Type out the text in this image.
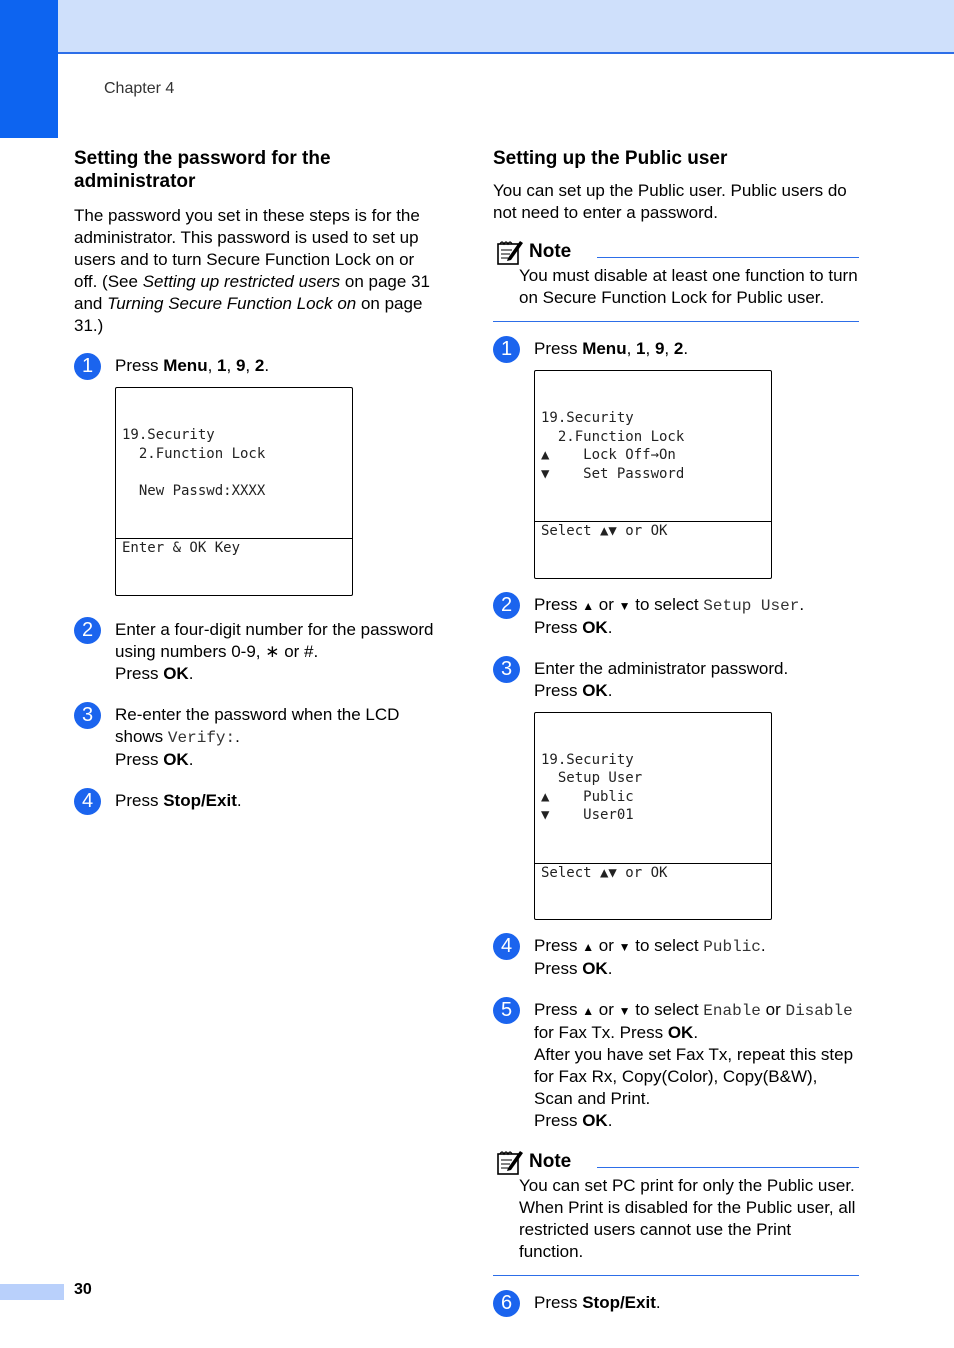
Chapter 4
Setting the password for the administrator

The password you set in these steps is for the administrator. This password is used to set up users and to turn Secure Function Lock on or off. (See Setting up restricted users on page 31 and Turning Secure Function Lock on on page 31.)

1	Press Menu, 1, 9, 2.

19.Security
2.Function Lock

New Passwd:XXXX

Enter & OK Key

2	Enter a four-digit number for the password using numbers 0-9, ∗ or #.
Press OK.
3	Re-enter the password when the LCD shows Verify:.
Press OK.
4	Press Stop/Exit.
Setting up the Public user

You can set up the Public user. Public users do not need to enter a password.

Note
You must disable at least one function to turn on Secure Function Lock for Public user.
1	Press Menu, 1, 9, 2.

19.Security
2.Function Lock
▲    Lock Off→On
▼    Set Password

Select ▲▼ or OK

2	Press ▲ or ▼ to select Setup User.
Press OK.
3	Enter the administrator password.
Press OK.

19.Security
Setup User
▲    Public
▼    User01

Select ▲▼ or OK

4	Press ▲ or ▼ to select Public.
Press OK.
5	Press ▲ or ▼ to select Enable or Disable for Fax Tx. Press OK.
After you have set Fax Tx, repeat this step for Fax Rx, Copy(Color), Copy(B&W), Scan and Print.
Press OK.
Note
You can set PC print for only the Public user. When Print is disabled for the Public user, all restricted users cannot use the Print function.
6	Press Stop/Exit.
30
